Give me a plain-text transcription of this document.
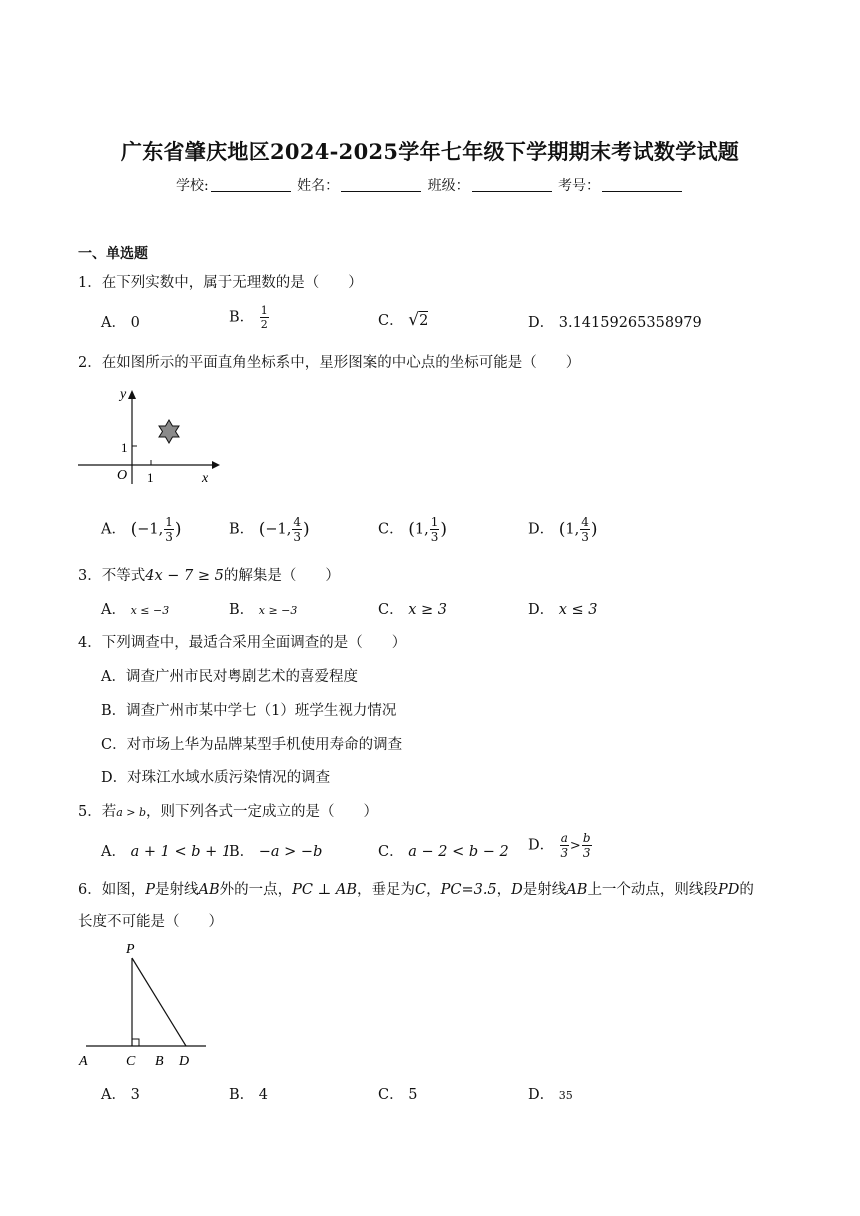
广东省肇庆地区2024-2025学年七年级下学期期末考试数学试题
学校:	姓名：	班级：	考号：
一、单选题
1．在下列实数中，属于无理数的是（　　）
A． 0	B． $\frac{1}{2}$	C． √2	D． 3.14159265358979
2．在如图所示的平面直角坐标系中，星形图案的中心点的坐标可能是（　　）
y
x
O 1
1
A． (−1, $\frac{1}{3}$ )	B． (−1, $\frac{4}{3}$ )	C． (1, $\frac{1}{3}$ )	D． (1, $\frac{4}{3}$ )
3．不等式4x − 7 ≥ 5的解集是（　　）
A． x ≤ −3	B． x ≥ −3	C． x ≥ 3	D． x ≤ 3
4．下列调查中，最适合采用全面调查的是（　　）
A．调查广州市民对粤剧艺术的喜爱程度
B．调查广州市某中学七（1）班学生视力情况
C．对市场上华为品牌某型手机使用寿命的调查
D．对珠江水域水质污染情况的调查
5．若a > b，则下列各式一定成立的是（　　）
A． a + 1 < b + 1
B． −a > −b	C． a − 2 < b − 2 D． $\frac{a}{3} > \frac{b}{3}$
6．如图，P是射线AB外的一点，PC ⊥ AB，垂足为C，PC=3.5，D是射线AB上一个动点，则线段PD的
长度不可能是（　　）
P
A	C B D
A． 3	B． 4	C． 5	D． 35
